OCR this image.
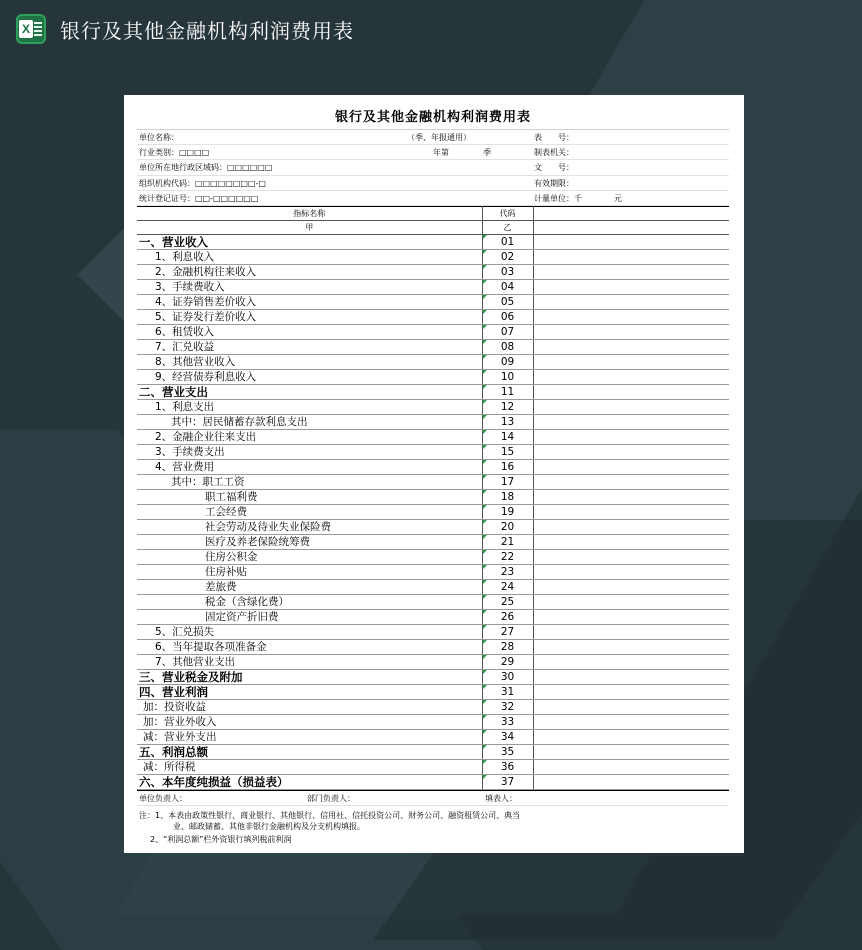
X 银行及其他金融机构利润费用表
银行及其他金融机构利润费用表
单位名称：	（季、年报通用）	表　　号：
行业类别：□□□□	年第	季	制表机关：
单位所在地行政区域码：□□□□□□	文　　号：
组织机构代码：□□□□□□□□-□	有效期限：
统计登记证号：□□-□□□□□□	计量单位：千　　　　元
指标名称	代码	
甲	乙	
一、营业收入	01	
1、利息收入	02	
2、金融机构往来收入	03	
3、手续费收入	04	
4、证券销售差价收入	05	
5、证券发行差价收入	06	
6、租赁收入	07	
7、汇兑收益	08	
8、其他营业收入	09	
9、经营债券利息收入	10	
二、营业支出	11	
1、利息支出	12	
其中：居民储蓄存款利息支出	13	
2、金融企业往来支出	14	
3、手续费支出	15	
4、营业费用	16	
其中：职工工资	17	
职工福利费	18	
工会经费	19	
社会劳动及待业失业保险费	20	
医疗及养老保险统筹费	21	
住房公积金	22	
住房补贴	23	
差旅费	24	
税金（含绿化费）	25	
固定资产折旧费	26	
5、汇兑损失	27	
6、当年提取各项准备金	28	
7、其他营业支出	29	
三、营业税金及附加	30	
四、营业利润	31	
加：投资收益	32	
加：营业外收入	33	
减：营业外支出	34	
五、利润总额	35	
减：所得税	36	
六、本年度纯损益（损益表）	37	
单位负责人：	部门负责人：	填表人：
注：1、本表由政策性银行、商业银行、其他银行、信用社、信托投资公司、财务公司、融资租赁公司、典当
业、邮政储蓄、其他非银行金融机构及分支机构填报。
2、“利润总额”栏外资银行填列税前利润
